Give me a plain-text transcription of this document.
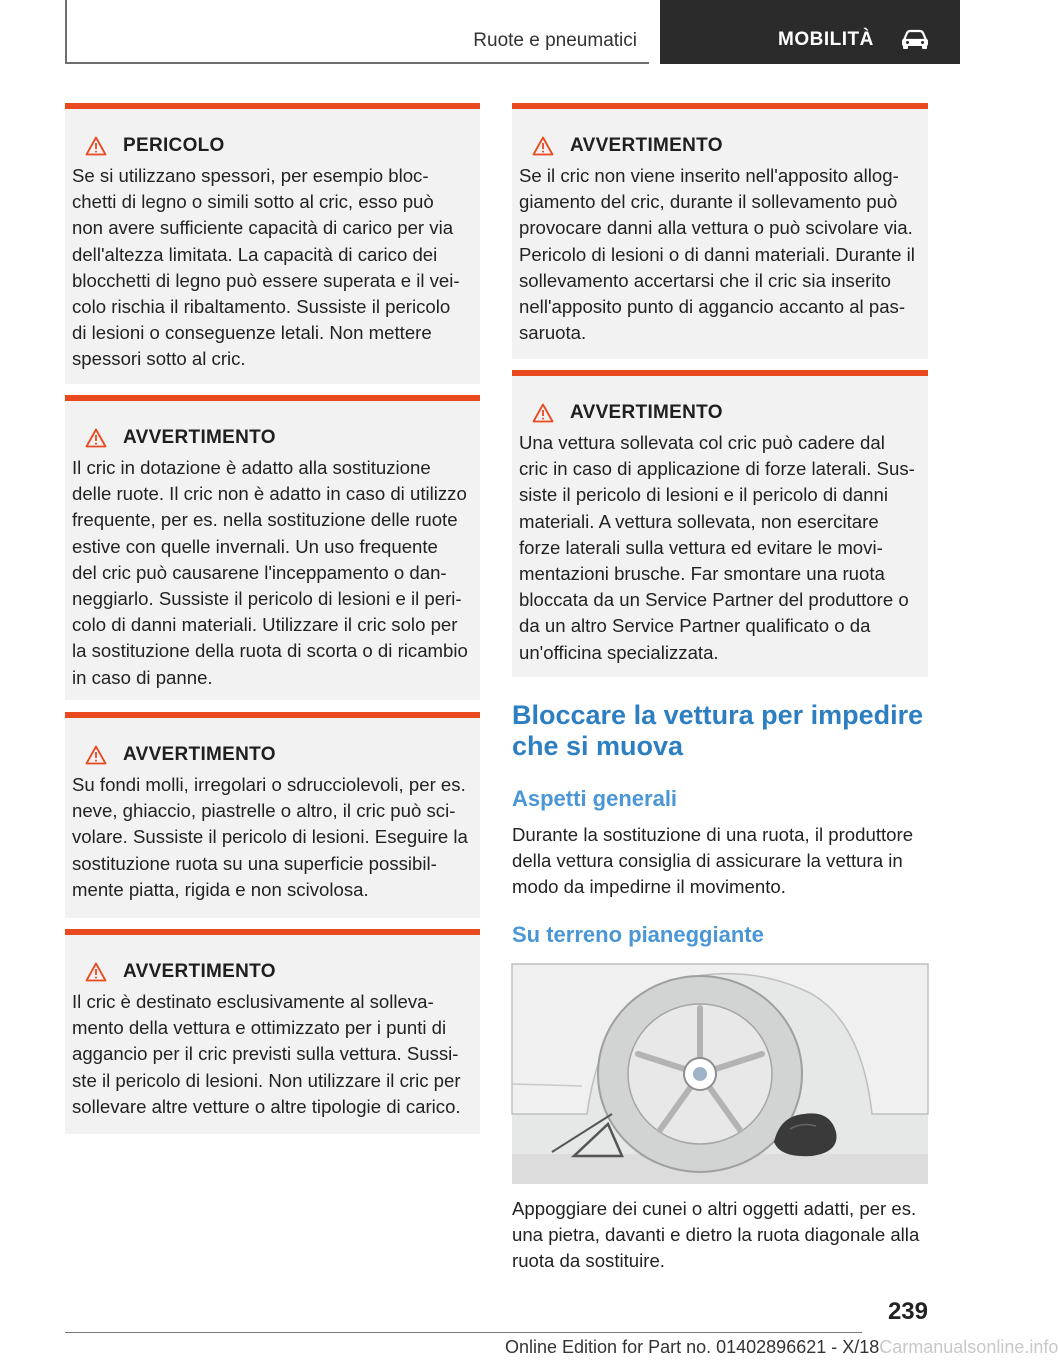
Ruote e pneumatici	MOBILITÀ
PERICOLO
Se si utilizzano spessori, per esempio bloc‐
chetti di legno o simili sotto al cric, esso può
non avere sufficiente capacità di carico per via
dell'altezza limitata. La capacità di carico dei
blocchetti di legno può essere superata e il vei‐
colo rischia il ribaltamento. Sussiste il pericolo
di lesioni o conseguenze letali. Non mettere
spessori sotto al cric.
AVVERTIMENTO
Il cric in dotazione è adatto alla sostituzione
delle ruote. Il cric non è adatto in caso di utilizzo
frequente, per es. nella sostituzione delle ruote
estive con quelle invernali. Un uso frequente
del cric può causarene l'inceppamento o dan‐
neggiarlo. Sussiste il pericolo di lesioni e il peri‐
colo di danni materiali. Utilizzare il cric solo per
la sostituzione della ruota di scorta o di ricambio
in caso di panne.
AVVERTIMENTO
Su fondi molli, irregolari o sdrucciolevoli, per es.
neve, ghiaccio, piastrelle o altro, il cric può sci‐
volare. Sussiste il pericolo di lesioni. Eseguire la
sostituzione ruota su una superficie possibil‐
mente piatta, rigida e non scivolosa.
AVVERTIMENTO
Il cric è destinato esclusivamente al solleva‐
mento della vettura e ottimizzato per i punti di
aggancio per il cric previsti sulla vettura. Sussi‐
ste il pericolo di lesioni. Non utilizzare il cric per
sollevare altre vetture o altre tipologie di carico.
AVVERTIMENTO
Se il cric non viene inserito nell'apposito allog‐
giamento del cric, durante il sollevamento può
provocare danni alla vettura o può scivolare via.
Pericolo di lesioni o di danni materiali. Durante il
sollevamento accertarsi che il cric sia inserito
nell'apposito punto di aggancio accanto al pas‐
saruota.
AVVERTIMENTO
Una vettura sollevata col cric può cadere dal
cric in caso di applicazione di forze laterali. Sus‐
siste il pericolo di lesioni e il pericolo di danni
materiali. A vettura sollevata, non esercitare
forze laterali sulla vettura ed evitare le movi‐
mentazioni brusche. Far smontare una ruota
bloccata da un Service Partner del produttore o
da un altro Service Partner qualificato o da
un'officina specializzata.
Bloccare la vettura per impedire che si muova
Aspetti generali
Durante la sostituzione di una ruota, il produttore
della vettura consiglia di assicurare la vettura in
modo da impedirne il movimento.
Su terreno pianeggiante
Appoggiare dei cunei o altri oggetti adatti, per es.
una pietra, davanti e dietro la ruota diagonale alla
ruota da sostituire.
239
Online Edition for Part no. 01402896621 - X/18Carmanualsonline.info
